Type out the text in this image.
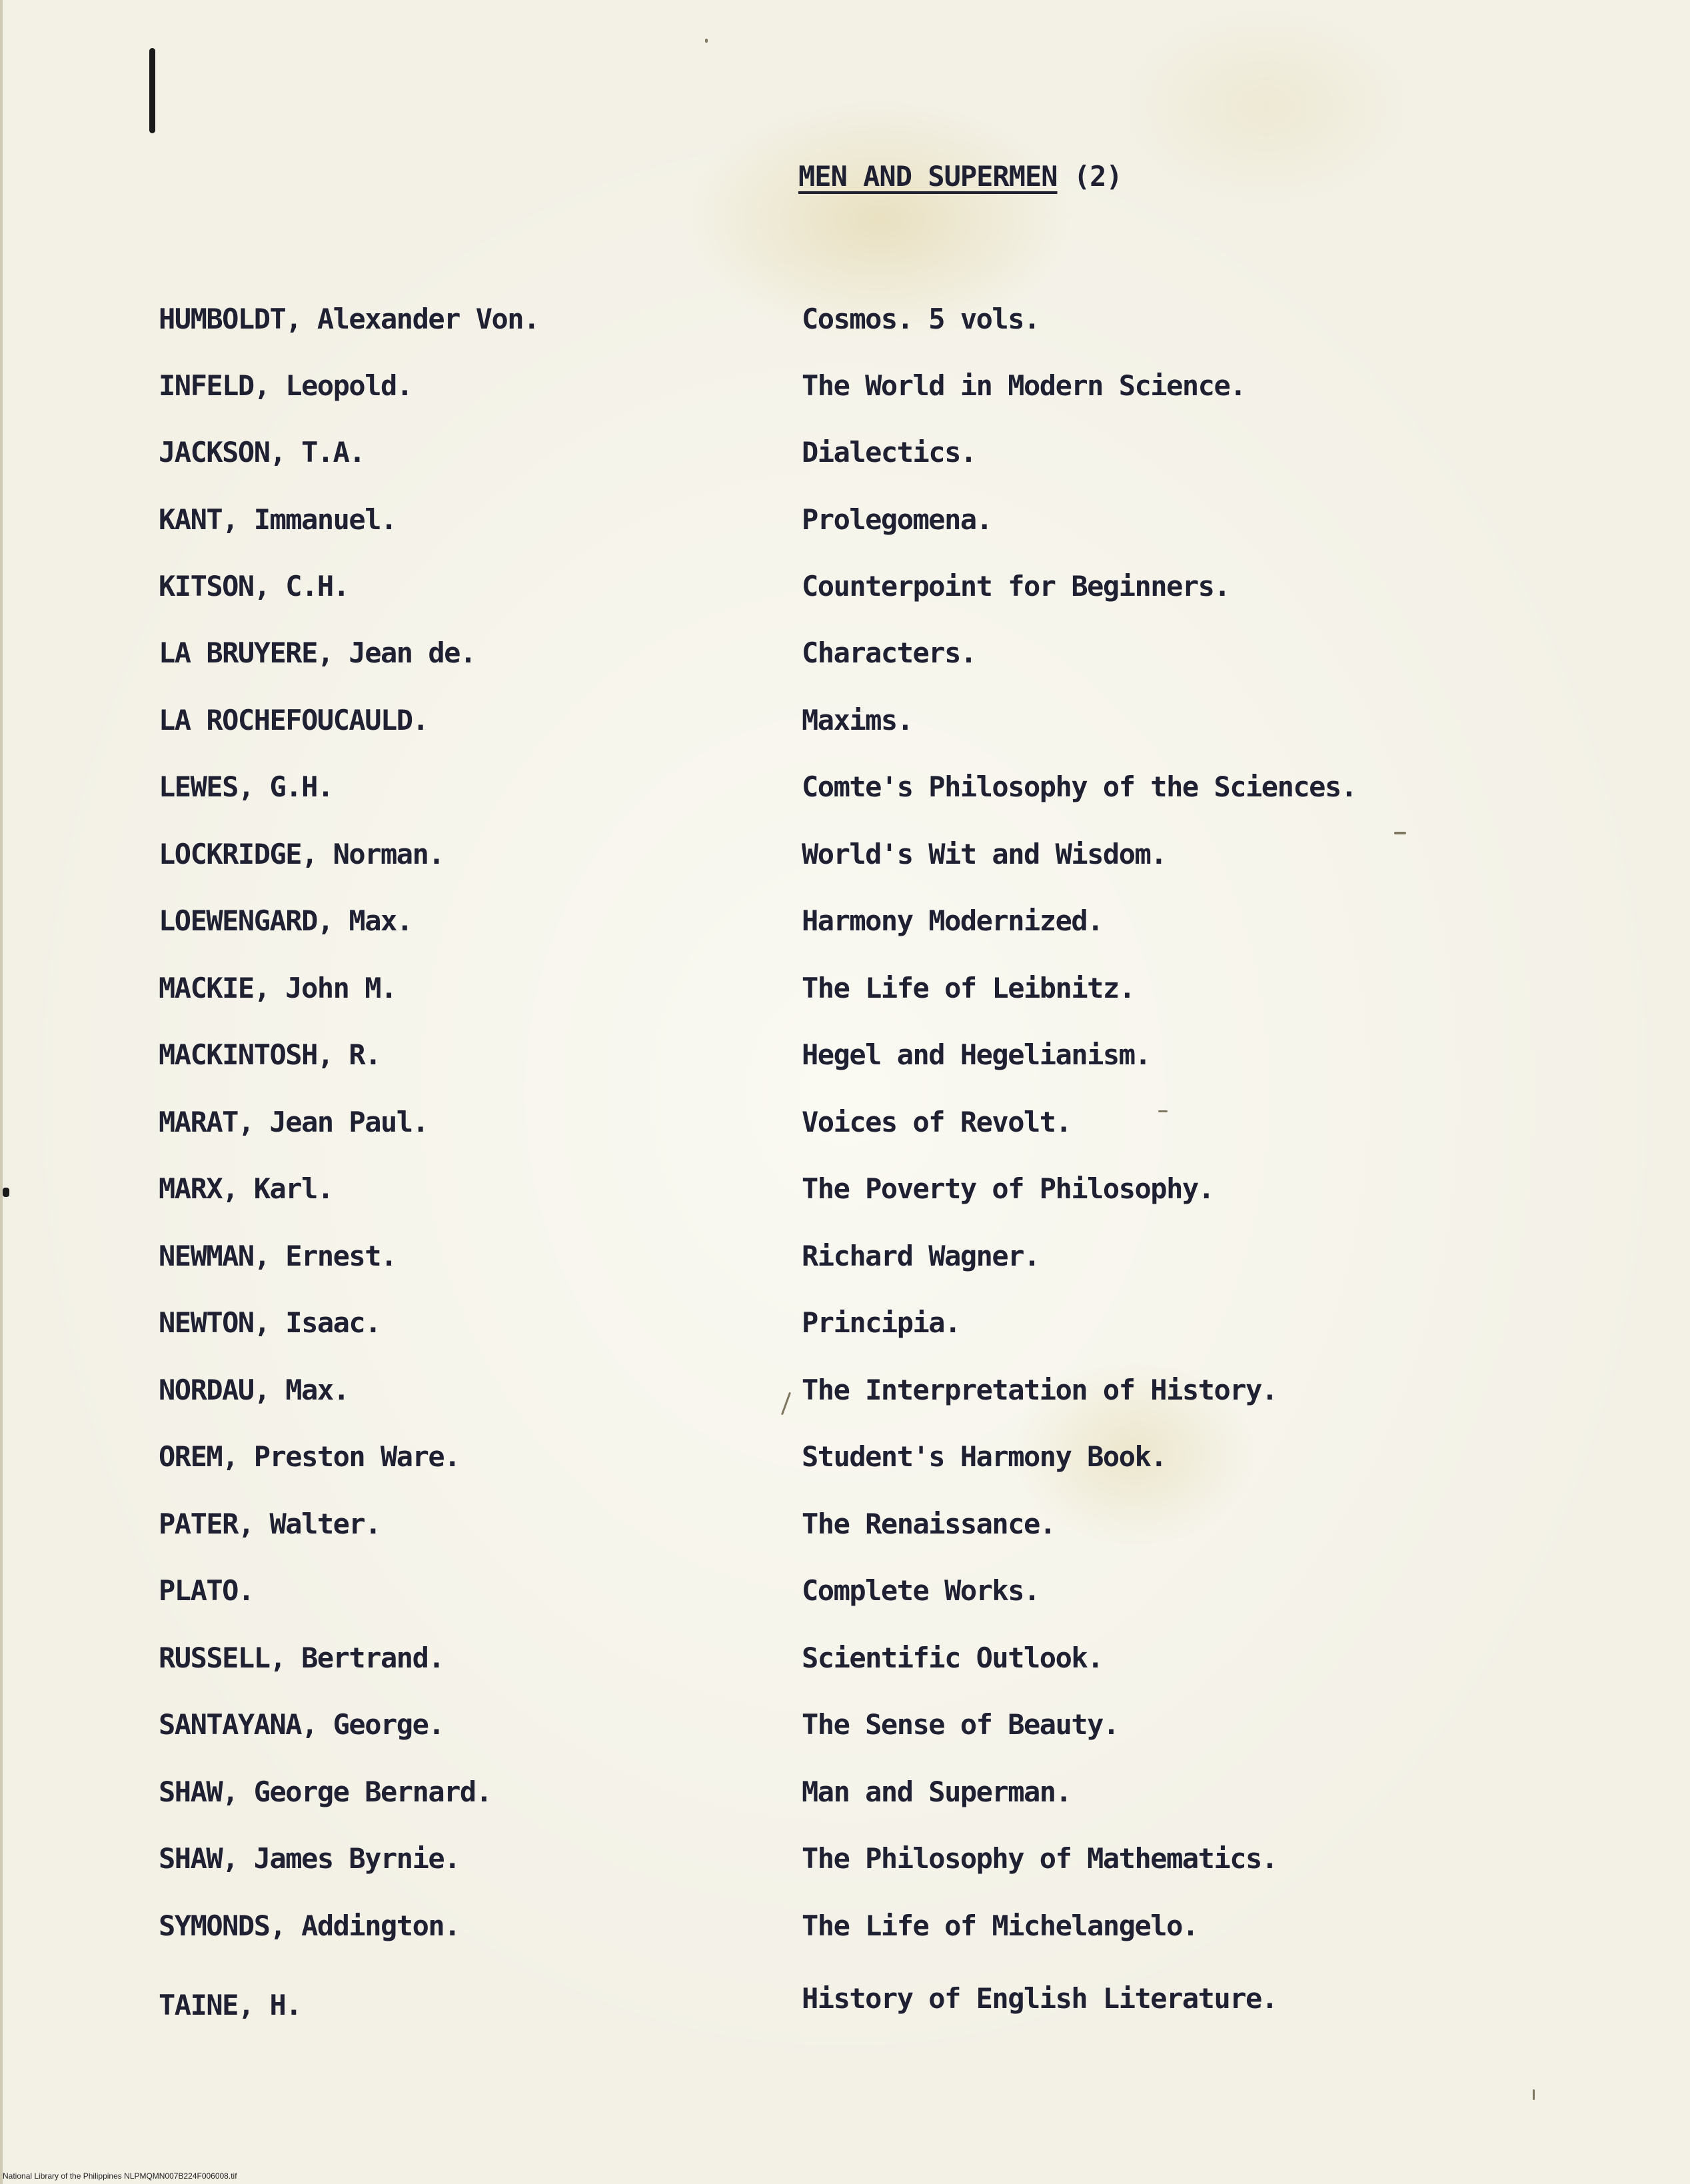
MEN AND SUPERMEN (2)
HUMBOLDT, Alexander Von.	Cosmos. 5 vols.
INFELD, Leopold.	The World in Modern Science.
JACKSON, T.A.	Dialectics.
KANT, Immanuel.	Prolegomena.
KITSON, C.H.	Counterpoint for Beginners.
LA BRUYERE, Jean de.	Characters.
LA ROCHEFOUCAULD.	Maxims.
LEWES, G.H.	Comte's Philosophy of the Sciences.
LOCKRIDGE, Norman.	World's Wit and Wisdom.
LOEWENGARD, Max.	Harmony Modernized.
MACKIE, John M.	The Life of Leibnitz.
MACKINTOSH, R.	Hegel and Hegelianism.
MARAT, Jean Paul.	Voices of Revolt.
MARX, Karl.	The Poverty of Philosophy.
NEWMAN, Ernest.	Richard Wagner.
NEWTON, Isaac.	Principia.
NORDAU, Max.	The Interpretation of History.
OREM, Preston Ware.	Student's Harmony Book.
PATER, Walter.	The Renaissance.
PLATO.	Complete Works.
RUSSELL, Bertrand.	Scientific Outlook.
SANTAYANA, George.	The Sense of Beauty.
SHAW, George Bernard.	Man and Superman.
SHAW, James Byrnie.	The Philosophy of Mathematics.
SYMONDS, Addington.	The Life of Michelangelo.
TAINE, H.	History of English Literature.
National Library of the Philippines NLPMQMN007B224F006008.tif
